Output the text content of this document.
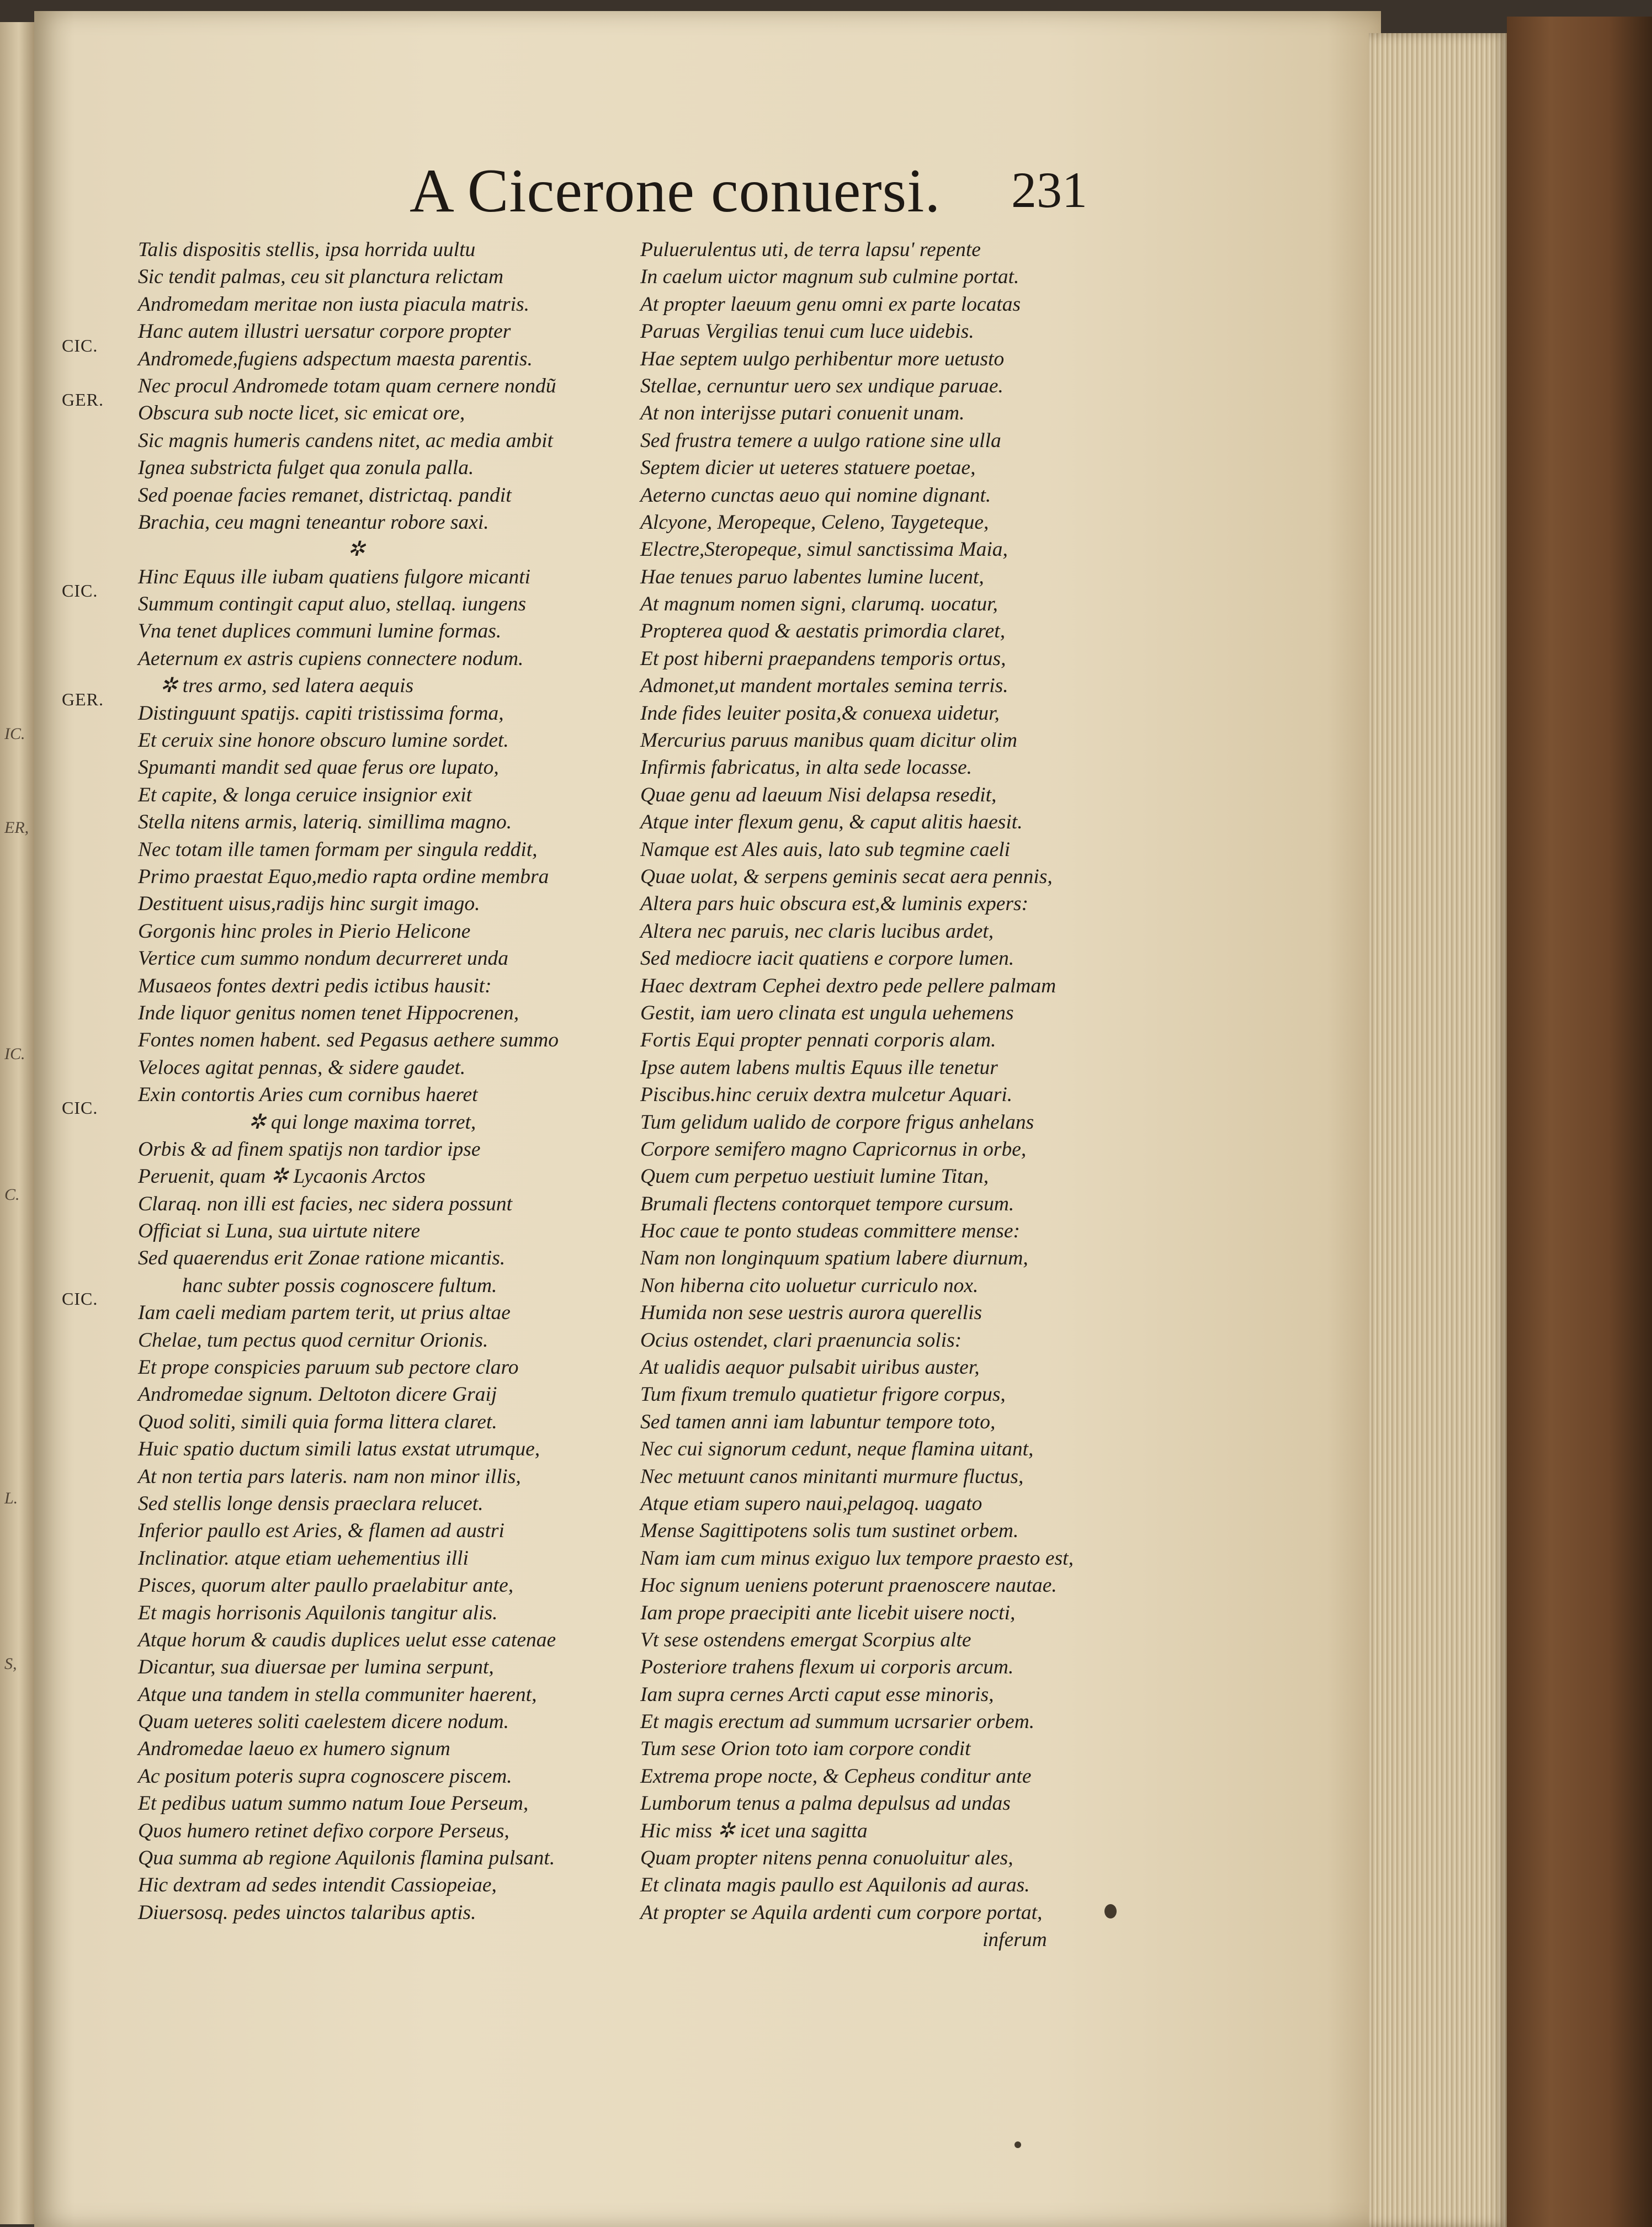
IC.
ER,
IC.
C.
L.
S,
A Cicerone conuersi. 231
CIC.
GER.
CIC.
GER.
CIC.
CIC.
Talis dispositis stellis, ipsa horrida uultu
Sic tendit palmas, ceu sit planctura relictam
Andromedam meritae non iusta piacula matris.
Hanc autem illustri uersatur corpore propter
Andromede,fugiens adspectum maesta parentis.
Nec procul Andromede totam quam cernere nondũ
Obscura sub nocte licet, sic emicat ore,
Sic magnis humeris candens nitet, ac media ambit
Ignea substricta fulget qua zonula palla.
Sed poenae facies remanet, districtaq. pandit
Brachia, ceu magni teneantur robore saxi.
✲
Hinc Equus ille iubam quatiens fulgore micanti
Summum contingit caput aluo, stellaq. iungens
Vna tenet duplices communi lumine formas.
Aeternum ex astris cupiens connectere nodum.
✲ tres armo, sed latera aequis
Distinguunt spatijs. capiti tristissima forma,
Et ceruix sine honore obscuro lumine sordet.
Spumanti mandit sed quae ferus ore lupato,
Et capite, & longa ceruice insignior exit
Stella nitens armis, lateriq. simillima magno.
Nec totam ille tamen formam per singula reddit,
Primo praestat Equo,medio rapta ordine membra
Destituent uisus,radijs hinc surgit imago.
Gorgonis hinc proles in Pierio Helicone
Vertice cum summo nondum decurreret unda
Musaeos fontes dextri pedis ictibus hausit:
Inde liquor genitus nomen tenet Hippocrenen,
Fontes nomen habent. sed Pegasus aethere summo
Veloces agitat pennas, & sidere gaudet.
Exin contortis Aries cum cornibus haeret
✲ qui longe maxima torret,
Orbis & ad finem spatijs non tardior ipse
Peruenit, quam ✲ Lycaonis Arctos
Claraq. non illi est facies, nec sidera possunt
Officiat si Luna, sua uirtute nitere
Sed quaerendus erit Zonae ratione micantis.
hanc subter possis cognoscere fultum.
Iam caeli mediam partem terit, ut prius altae
Chelae, tum pectus quod cernitur Orionis.
Et prope conspicies paruum sub pectore claro
Andromedae signum. Deltoton dicere Graij
Quod soliti, simili quia forma littera claret.
Huic spatio ductum simili latus exstat utrumque,
At non tertia pars lateris. nam non minor illis,
Sed stellis longe densis praeclara relucet.
Inferior paullo est Aries, & flamen ad austri
Inclinatior. atque etiam uehementius illi
Pisces, quorum alter paullo praelabitur ante,
Et magis horrisonis Aquilonis tangitur alis.
Atque horum & caudis duplices uelut esse catenae
Dicantur, sua diuersae per lumina serpunt,
Atque una tandem in stella communiter haerent,
Quam ueteres soliti caelestem dicere nodum.
Andromedae laeuo ex humero signum
Ac positum poteris supra cognoscere piscem.
Et pedibus uatum summo natum Ioue Perseum,
Quos humero retinet defixo corpore Perseus,
Qua summa ab regione Aquilonis flamina pulsant.
Hic dextram ad sedes intendit Cassiopeiae,
Diuersosq. pedes uinctos talaribus aptis.
Puluerulentus uti, de terra lapsu' repente
In caelum uictor magnum sub culmine portat.
At propter laeuum genu omni ex parte locatas
Paruas Vergilias tenui cum luce uidebis.
Hae septem uulgo perhibentur more uetusto
Stellae, cernuntur uero sex undique paruae.
At non interijsse putari conuenit unam.
Sed frustra temere a uulgo ratione sine ulla
Septem dicier ut ueteres statuere poetae,
Aeterno cunctas aeuo qui nomine dignant.
Alcyone, Meropeque, Celeno, Taygeteque,
Electre,Steropeque, simul sanctissima Maia,
Hae tenues paruo labentes lumine lucent,
At magnum nomen signi, clarumq. uocatur,
Propterea quod & aestatis primordia claret,
Et post hiberni praepandens temporis ortus,
Admonet,ut mandent mortales semina terris.
Inde fides leuiter posita,& conuexa uidetur,
Mercurius paruus manibus quam dicitur olim
Infirmis fabricatus, in alta sede locasse.
Quae genu ad laeuum Nisi delapsa resedit,
Atque inter flexum genu, & caput alitis haesit.
Namque est Ales auis, lato sub tegmine caeli
Quae uolat, & serpens geminis secat aera pennis,
Altera pars huic obscura est,& luminis expers:
Altera nec paruis, nec claris lucibus ardet,
Sed mediocre iacit quatiens e corpore lumen.
Haec dextram Cephei dextro pede pellere palmam
Gestit, iam uero clinata est ungula uehemens
Fortis Equi propter pennati corporis alam.
Ipse autem labens multis Equus ille tenetur
Piscibus.hinc ceruix dextra mulcetur Aquari.
Tum gelidum ualido de corpore frigus anhelans
Corpore semifero magno Capricornus in orbe,
Quem cum perpetuo uestiuit lumine Titan,
Brumali flectens contorquet tempore cursum.
Hoc caue te ponto studeas committere mense:
Nam non longinquum spatium labere diurnum,
Non hiberna cito uoluetur curriculo nox.
Humida non sese uestris aurora querellis
Ocius ostendet, clari praenuncia solis:
At ualidis aequor pulsabit uiribus auster,
Tum fixum tremulo quatietur frigore corpus,
Sed tamen anni iam labuntur tempore toto,
Nec cui signorum cedunt, neque flamina uitant,
Nec metuunt canos minitanti murmure fluctus,
Atque etiam supero naui,pelagoq. uagato
Mense Sagittipotens solis tum sustinet orbem.
Nam iam cum minus exiguo lux tempore praesto est,
Hoc signum ueniens poterunt praenoscere nautae.
Iam prope praecipiti ante licebit uisere nocti,
Vt sese ostendens emergat Scorpius alte
Posteriore trahens flexum ui corporis arcum.
Iam supra cernes Arcti caput esse minoris,
Et magis erectum ad summum ucrsarier orbem.
Tum sese Orion toto iam corpore condit
Extrema prope nocte, & Cepheus conditur ante
Lumborum tenus a palma depulsus ad undas
Hic miss ✲ icet una sagitta
Quam propter nitens penna conuoluitur ales,
Et clinata magis paullo est Aquilonis ad auras.
At propter se Aquila ardenti cum corpore portat,
inferum
